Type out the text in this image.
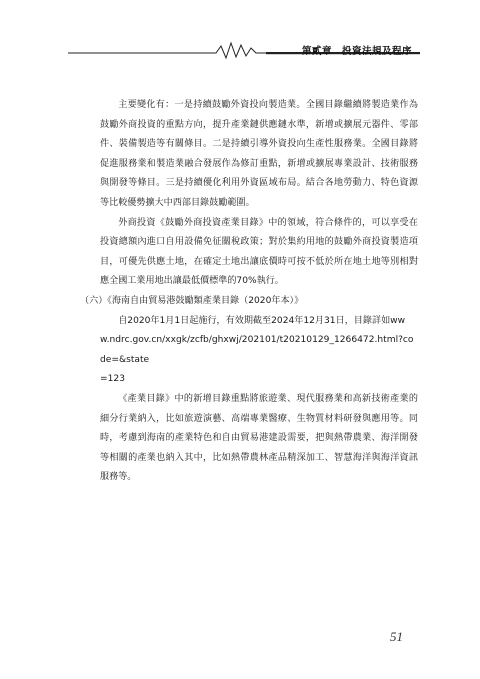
第貳章　投資法規及程序

主要變化有：一是持續鼓勵外資投向製造業。全國目錄繼續將製造業作為鼓勵外商投資的重點方向，提升產業鏈供應鏈水準，新增或擴展元器件、零部件、裝備製造等有關條目。二是持續引導外資投向生產性服務業。全國目錄將促進服務業和製造業融合發展作為修訂重點，新增或擴展專業設計、技術服務與開發等條目。三是持續優化利用外資區域布局。結合各地勞動力、特色資源等比較優勢擴大中西部目錄鼓勵範圍。

外商投資《鼓勵外商投資產業目錄》中的領域，符合條件的，可以享受在投資總額內進口自用設備免征關稅政策；對於集約用地的鼓勵外商投資製造項目，可優先供應土地，在確定土地出讓底價時可按不低於所在地土地等別相對應全國工業用地出讓最低價標準的70%執行。

（六）《海南自由貿易港鼓勵類產業目錄（2020年本）》

自2020年1月1日起施行，有效期截至2024年12月31日，目錄詳如ww

w.ndrc.gov.cn/xxgk/zcfb/ghxwj/202101/t20210129_1266472.html?code=&state

=123

《產業目錄》中的新增目錄重點將旅遊業、現代服務業和高新技術產業的細分行業納入，比如旅遊演藝、高端專業醫療、生物質材料研發與應用等。同時，考慮到海南的產業特色和自由貿易港建設需要，把與熱帶農業、海洋開發等相關的產業也納入其中，比如熱帶農林產品精深加工、智慧海洋與海洋資訊服務等。

51
